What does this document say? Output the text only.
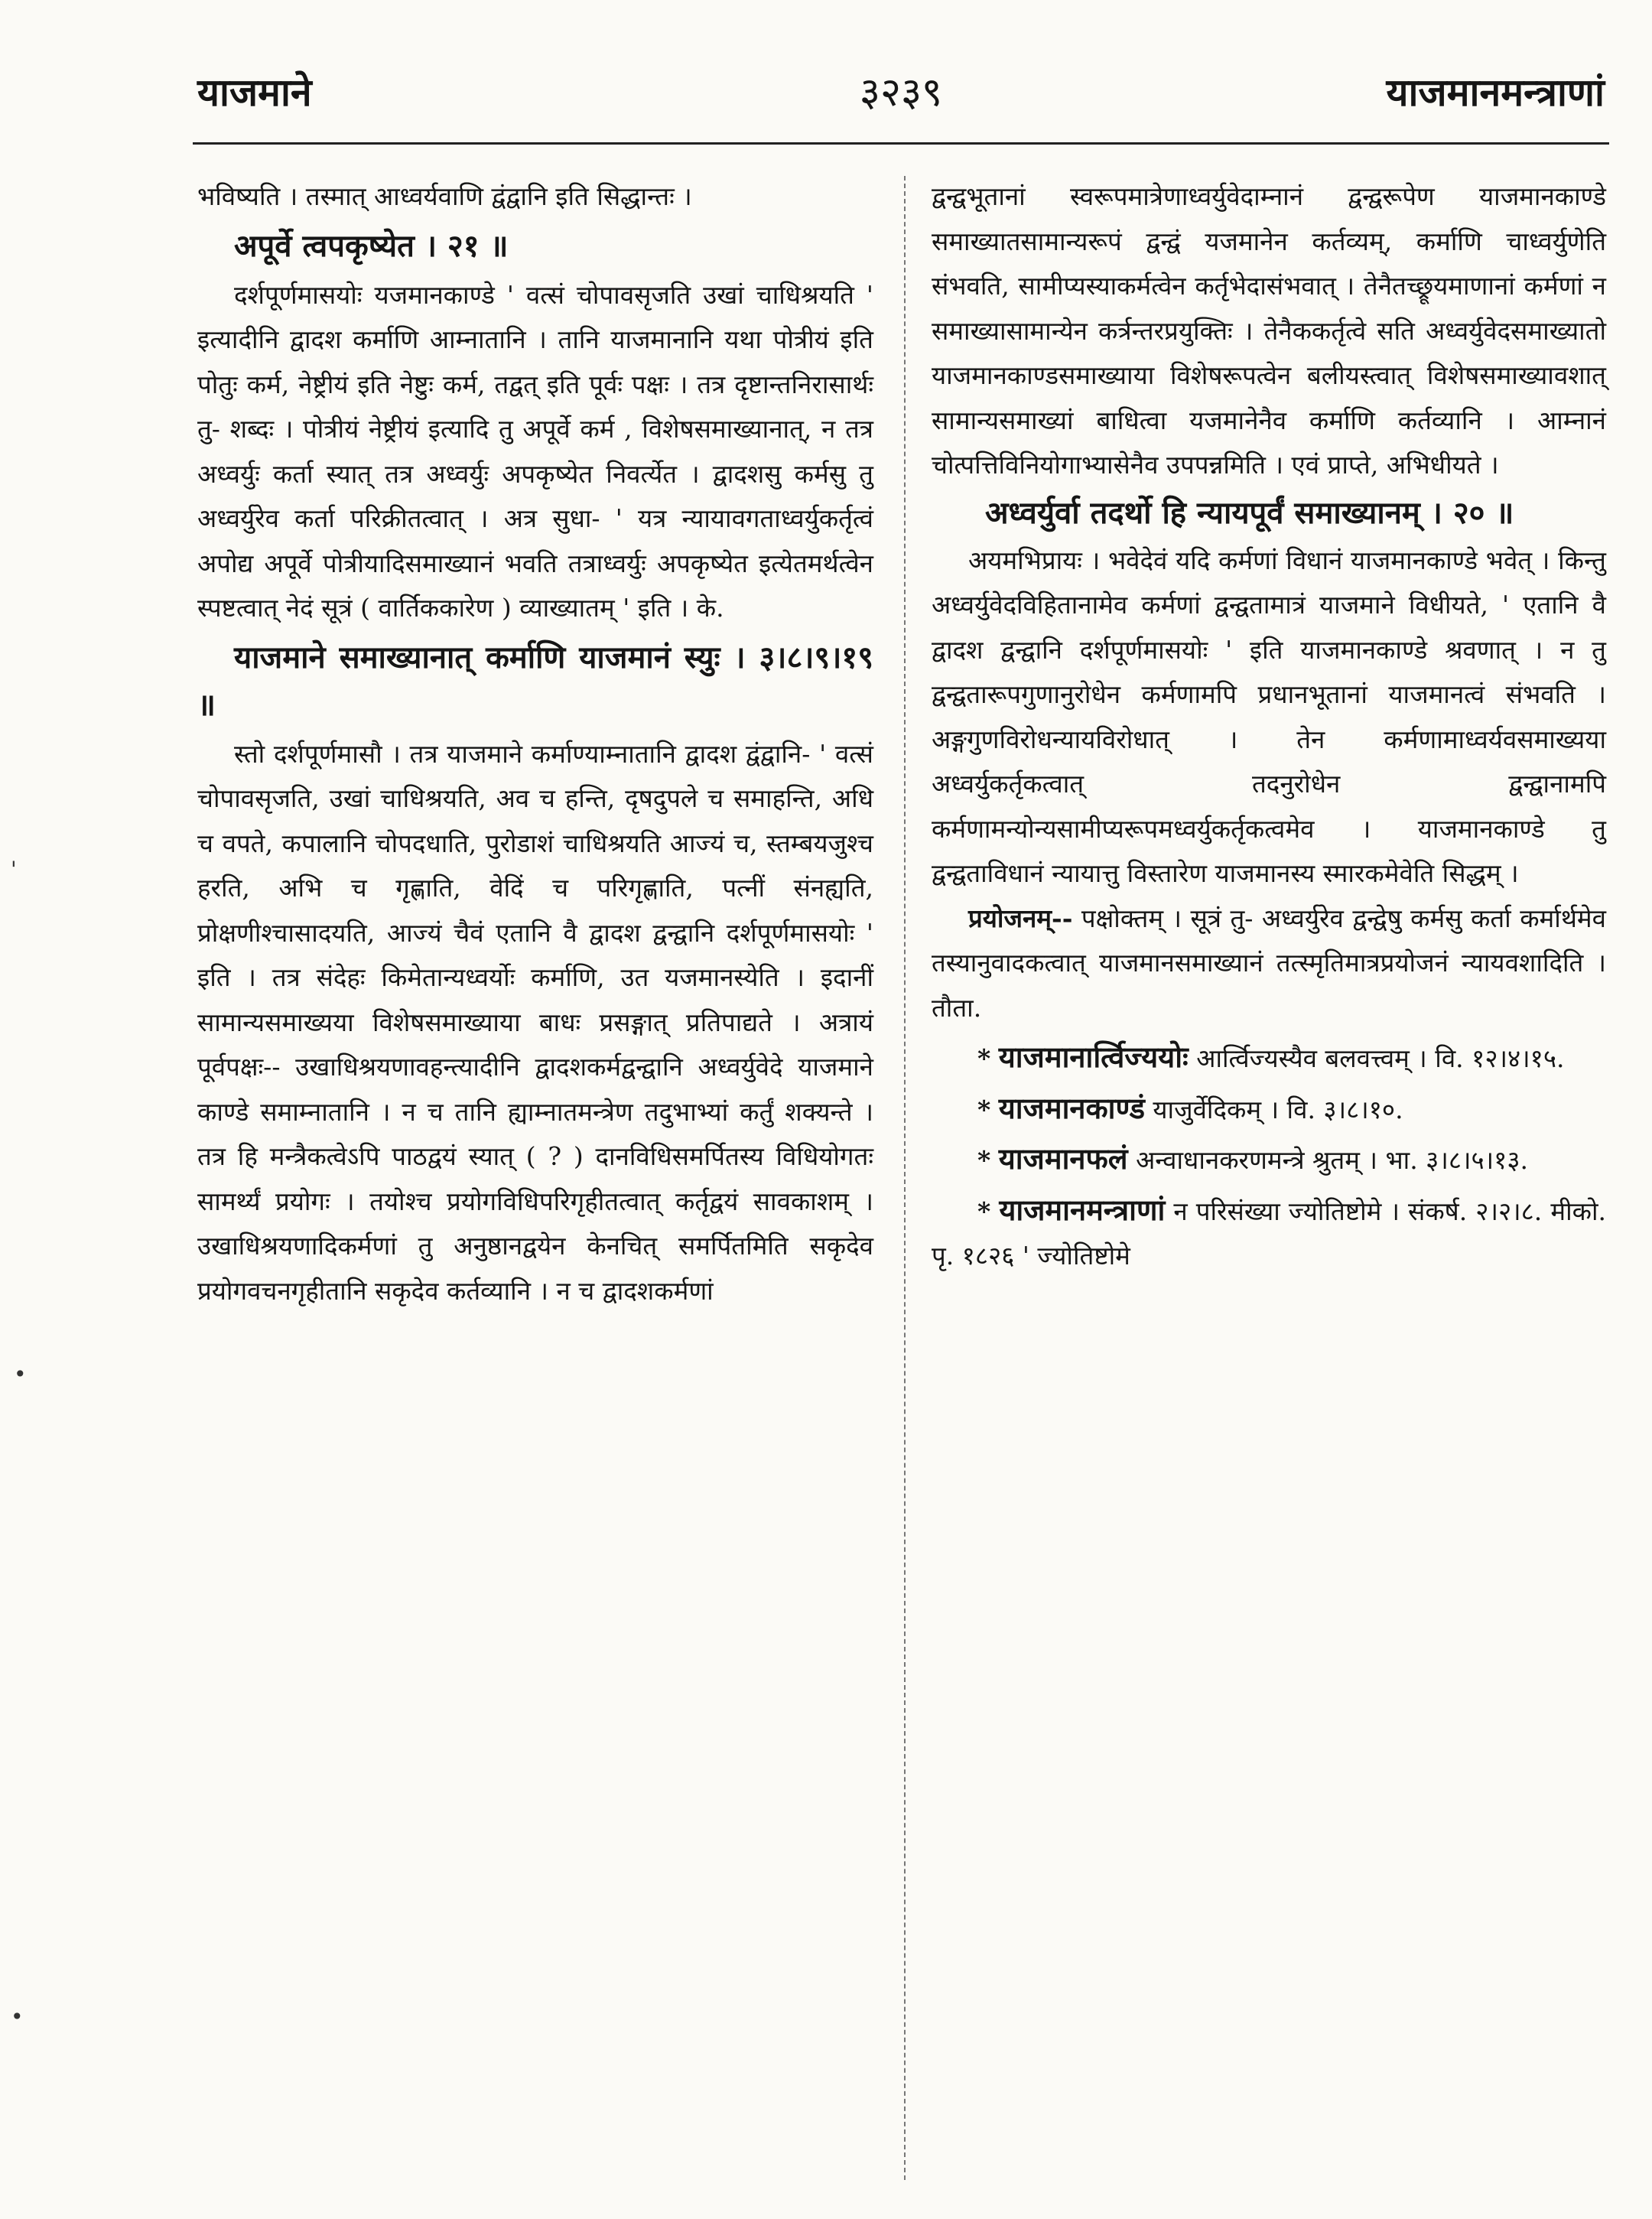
याजमाने	३२३९	याजमानमन्त्राणां
'
•
•

भविष्यति । तस्मात् आध्वर्यवाणि द्वंद्वानि इति सिद्धान्तः ।

अपूर्वे त्वपकृष्येत । २१ ॥

दर्शपूर्णमासयोः यजमानकाण्डे ' वत्सं चोपावसृजति उखां चाधिश्रयति ' इत्यादीनि द्वादश कर्माणि आम्नातानि । तानि याजमानानि यथा पोत्रीयं इति पोतुः कर्म, नेष्ट्रीयं इति नेष्टुः कर्म, तद्वत् इति पूर्वः पक्षः । तत्र दृष्टान्तनिरासार्थः तु- शब्दः । पोत्रीयं नेष्ट्रीयं इत्यादि तु अपूर्वे कर्म , विशेषसमाख्यानात्, न तत्र अध्वर्युः कर्ता स्यात् तत्र अध्वर्युः अपकृष्येत निवर्त्येत । द्वादशसु कर्मसु तु अध्वर्युरेव कर्ता परिक्रीतत्वात् । अत्र सुधा- ' यत्र न्यायावगताध्वर्युकर्तृत्वं अपोद्य अपूर्वे पोत्रीयादिसमाख्यानं भवति तत्राध्वर्युः अपकृष्येत इत्येतमर्थत्वेन स्पष्टत्वात् नेदं सूत्रं ( वार्तिककारेण ) व्याख्यातम् ' इति । के.

याजमाने समाख्यानात् कर्माणि याजमानं स्युः । ३।८।९।१९ ॥

स्तो दर्शपूर्णमासौ । तत्र याजमाने कर्माण्याम्नातानि द्वादश द्वंद्वानि- ' वत्सं चोपावसृजति, उखां चाधिश्रयति, अव च हन्ति, दृषदुपले च समाहन्ति, अधि च वपते, कपालानि चोपदधाति, पुरोडाशं चाधिश्रयति आज्यं च, स्तम्बयजुश्च हरति, अभि च गृह्णाति, वेदिं च परिगृह्णाति, पत्नीं संनह्यति, प्रोक्षणीश्चासादयति, आज्यं चैवं एतानि वै द्वादश द्वन्द्वानि दर्शपूर्णमासयोः ' इति । तत्र संदेहः किमेतान्यध्वर्योः कर्माणि, उत यजमानस्येति । इदानीं सामान्यसमाख्यया विशेषसमाख्याया बाधः प्रसङ्गात् प्रतिपाद्यते । अत्रायं पूर्वपक्षः-- उखाधिश्रयणावहन्त्यादीनि द्वादशकर्मद्वन्द्वानि अध्वर्युवेदे याजमाने काण्डे समाम्नातानि । न च तानि ह्याम्नातमन्त्रेण तदुभाभ्यां कर्तुं शक्यन्ते । तत्र हि मन्त्रैकत्वेऽपि पाठद्वयं स्यात् ( ? ) दानविधिसमर्पितस्य विधियोगतः सामर्थ्यं प्रयोगः । तयोश्च प्रयोगविधिपरिगृहीतत्वात् कर्तृद्वयं सावकाशम् । उखाधिश्रयणादिकर्मणां तु अनुष्ठानद्वयेन केनचित् समर्पितमिति सकृदेव प्रयोगवचनगृहीतानि सकृदेव कर्तव्यानि । न च द्वादशकर्मणां

द्वन्द्वभूतानां स्वरूपमात्रेणाध्वर्युवेदाम्नानं द्वन्द्वरूपेण याजमानकाण्डे समाख्यातसामान्यरूपं द्वन्द्वं यजमानेन कर्तव्यम्, कर्माणि चाध्वर्युणेति संभवति, सामीप्यस्याकर्मत्वेन कर्तृभेदासंभवात् । तेनैतच्छ्रूयमाणानां कर्मणां न समाख्यासामान्येन कर्त्रन्तरप्रयुक्तिः । तेनैककर्तृत्वे सति अध्वर्युवेदसमाख्यातो याजमानकाण्डसमाख्याया विशेषरूपत्वेन बलीयस्त्वात् विशेषसमाख्यावशात् सामान्यसमाख्यां बाधित्वा यजमानेनैव कर्माणि कर्तव्यानि । आम्नानं चोत्पत्तिविनियोगाभ्यासेनैव उपपन्नमिति । एवं प्राप्ते, अभिधीयते ।

अध्वर्युर्वा तदर्थो हि न्यायपूर्वं समाख्यानम् । २० ॥

अयमभिप्रायः । भवेदेवं यदि कर्मणां विधानं याजमानकाण्डे भवेत् । किन्तु अध्वर्युवेदविहितानामेव कर्मणां द्वन्द्वतामात्रं याजमाने विधीयते, ' एतानि वै द्वादश द्वन्द्वानि दर्शपूर्णमासयोः ' इति याजमानकाण्डे श्रवणात् । न तु द्वन्द्वतारूपगुणानुरोधेन कर्मणामपि प्रधानभूतानां याजमानत्वं संभवति । अङ्गगुणविरोधन्यायविरोधात् । तेन कर्मणामाध्वर्यवसमाख्यया अध्वर्युकर्तृकत्वात् तदनुरोधेन द्वन्द्वानामपि कर्मणामन्योन्यसामीप्यरूपमध्वर्युकर्तृकत्वमेव । याजमानकाण्डे तु द्वन्द्वताविधानं न्यायात्तु विस्तारेण याजमानस्य स्मारकमेवेति सिद्धम् ।

प्रयोजनम्-- पक्षोक्तम् । सूत्रं तु- अध्वर्युरेव द्वन्द्वेषु कर्मसु कर्ता कर्मार्थमेव तस्यानुवादकत्वात् याजमानसमाख्यानं तत्स्मृतिमात्रप्रयोजनं न्यायवशादिति । तौता.

* याजमानार्त्विज्ययोः आर्त्विज्यस्यैव बलवत्त्वम् । वि. १२।४।१५.

* याजमानकाण्डं याजुर्वेदिकम् । वि. ३।८।१०.

* याजमानफलं अन्वाधानकरणमन्त्रे श्रुतम् । भा. ३।८।५।१३.

* याजमानमन्त्राणां न परिसंख्या ज्योतिष्टोमे । संकर्ष. २।२।८. मीको. पृ. १८२६ ' ज्योतिष्टोमे
